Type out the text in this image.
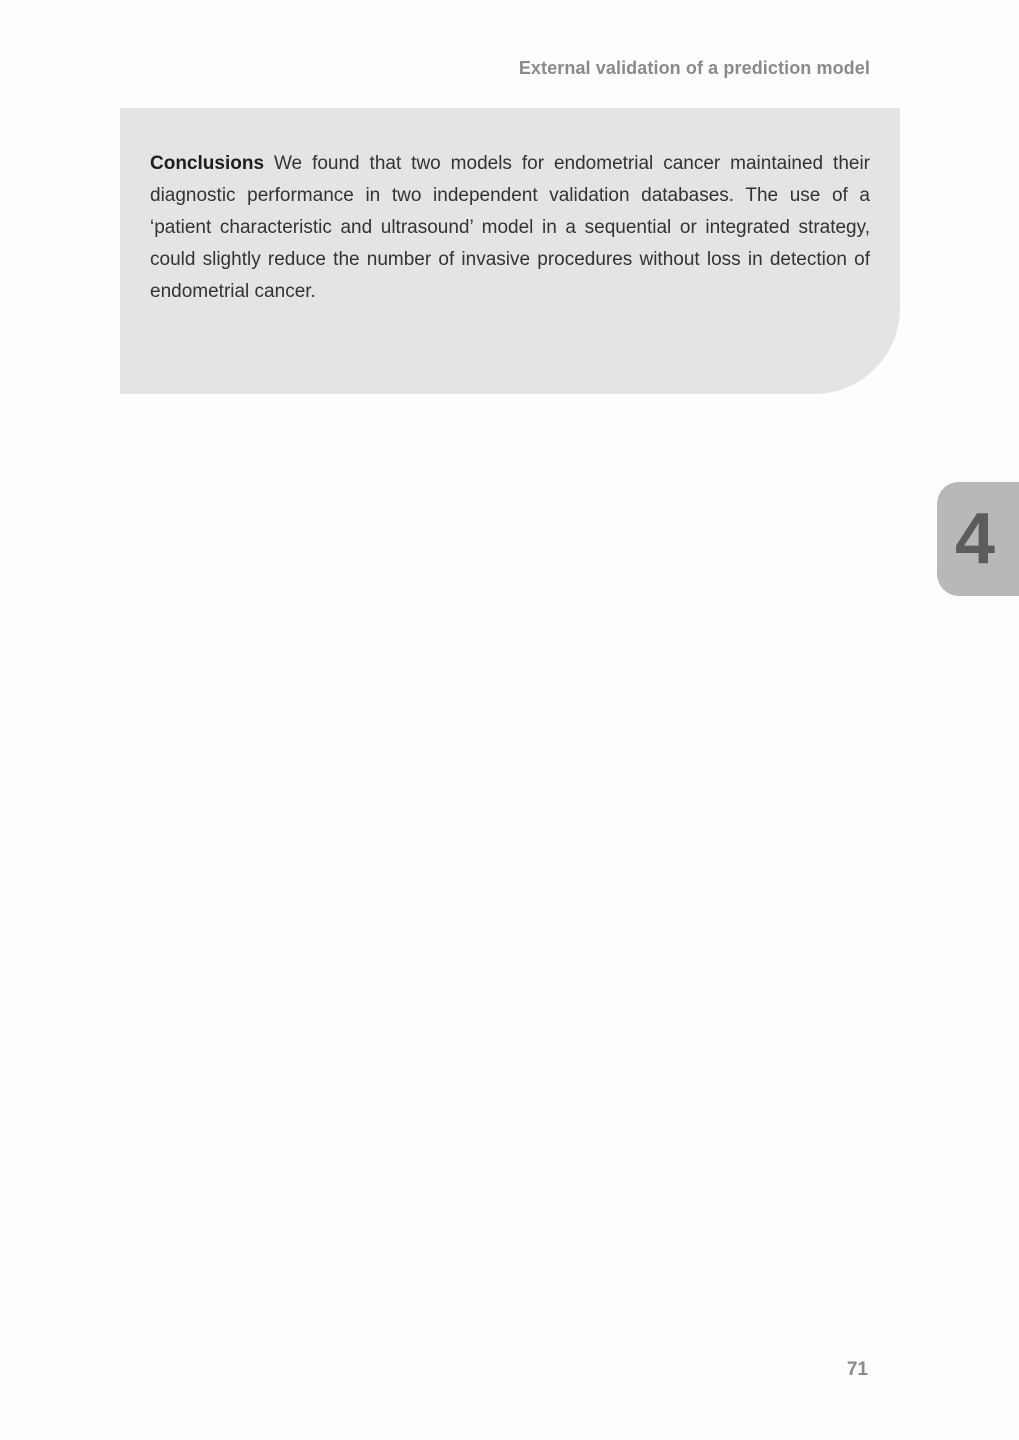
External validation of a prediction model

Conclusions We found that two models for endometrial cancer maintained their diagnostic performance in two independent validation databases. The use of a ‘patient characteristic and ultrasound’ model in a sequential or integrated strategy, could slightly reduce the number of invasive procedures without loss in detection of endometrial cancer.

4
71
